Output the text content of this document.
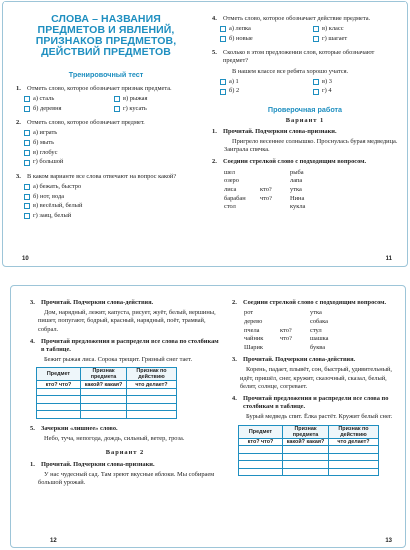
СЛОВА – НАЗВАНИЯ
ПРЕДМЕТОВ И ЯВЛЕНИЙ,
ПРИЗНАКОВ ПРЕДМЕТОВ,
ДЕЙСТВИЙ ПРЕДМЕТОВ
Тренировочный тест
1. Отметь слово, которое обозначает признак предмета.
а) сталь	в) рыжая
б) деревня	г) кусать
2. Отметь слово, которое обозначает предмет.
а) играть
б) мыть
в) глобус
г) большой
3. В каком варианте все слова отвечают на вопрос какой?
а) бежать, быстро
б) нот, вода
в) весёлый, белый
г) заяц, белый
10
4. Отметь слово, которое обозначает действие предмета.
а) лепка	в) класс
б) новые	г) шагает
5. Сколько в этом предложении слов, которые обозначают предмет?
В нашем классе все ребята хорошо учатся.
а) 1	в) 3
б) 2	г) 4
Проверочная работа
Вариант 1
1. Прочитай. Подчеркни слова-признаки.
Пригрело весеннее солнышко. Проснулась бурая медведица. Заиграла спячка.
2. Соедини стрелкой слово с подходящим вопросом.
шел	рыба
озеро	лапа
лиса	кто?	утка
барабан	что?	Нина
стол	кукла
11
3. Прочитай. Подчеркни слова-действия.
Дом, нарядный, лежит, капуста, рисует, жуёт, белый, вершины, пишет, попугают, бодрый, красный, нарядный, поёт, трамвай, собрал.
4. Прочитай предложения и распредели все слова по столбикам в таблице.
Бежит рыжая лиса. Сорока трещит. Грязный снег тает.
Предмет	Признак предмета	Признак по действию
кто? что?	какой? какая?	что делает?

5. Зачеркни «лишнее» слово.
Небо, туча, непогода, дождь, сильный, ветер, гроза.
Вариант 2
1. Прочитай. Подчеркни слова-признаки.
У нас чудесный сад. Там зреют вкусные яблоки. Мы собираем большой урожай.
12
2. Соедини стрелкой слово с подходящим вопросом.
рот	утка
дерево	собака
пчела	кто?	стул
чайник	что?	шашка
Шарик	буква
3. Прочитай. Подчеркни слова-действия.
Корень, падает, плывёт, сон, быстрый, удивительный, идёт, пришёл, снег, кружит, сказочный, сказал, белый, белит, солнце, согревает.
4. Прочитай предложения и распредели все слова по столбикам в таблице.
Бурый медведь спит. Ёлка растёт. Кружит белый снег.
Предмет	Признак предмета	Признак по действию
кто? что?	какой? какая?	что делает?

13
